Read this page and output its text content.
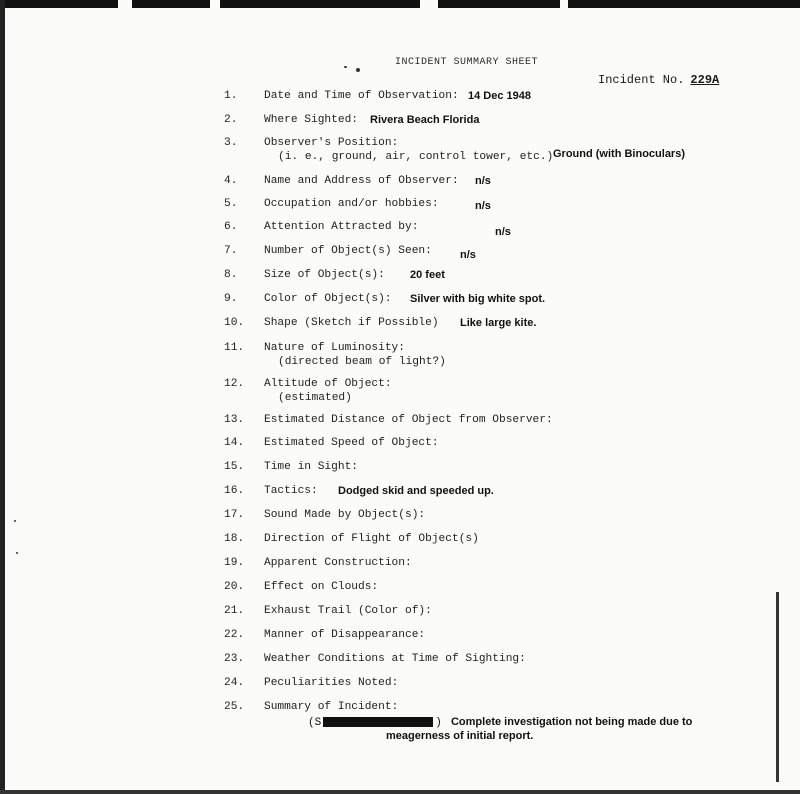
INCIDENT SUMMARY SHEET
Incident No. 229A
1.	Date and Time of Observation: 14 Dec 1948
2.	Where Sighted: Rivera Beach Florida
3.	Observer's Position:
(i. e., ground, air, control tower, etc.) Ground (with Binoculars)
4.	Name and Address of Observer: n/s
5.	Occupation and/or hobbies:	n/s
6.	Attention Attracted by:	n/s
7.	Number of Object(s) Seen:	n/s
8.	Size of Object(s): 20 feet
9.	Color of Object(s): Silver with big white spot.
10.	Shape (Sketch if Possible) Like large kite.
11.	Nature of Luminosity:
(directed beam of light?)
12.	Altitude of Object:
(estimated)
13.	Estimated Distance of Object from Observer:
14.	Estimated Speed of Object:
15.	Time in Sight:
16.	Tactics: Dodged skid and speeded up.
17.	Sound Made by Object(s):
18.	Direction of Flight of Object(s)
19.	Apparent Construction:
20.	Effect on Clouds:
21.	Exhaust Trail (Color of):
22.	Manner of Disappearance:
23.	Weather Conditions at Time of Sighting:
24.	Peculiarities Noted:
25.	Summary of Incident:
(S	) Complete investigation not being made due to
meagerness of initial report.
